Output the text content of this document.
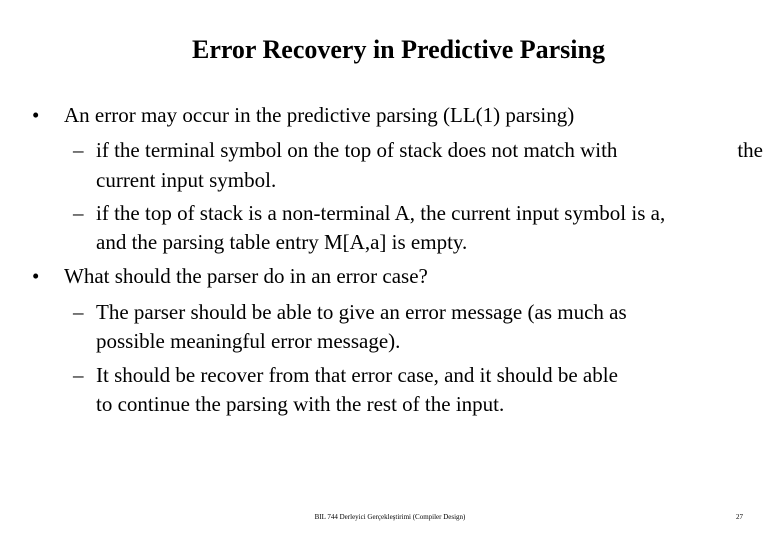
Error Recovery in Predictive Parsing
• An error may occur in the predictive parsing (LL(1) parsing)
– if the terminal symbol on the top of stack does not match with	the
current input symbol.
– if the top of stack is a non-terminal A, the current input symbol is a,
and the parsing table entry M[A,a] is empty.
• What should the parser do in an error case?
– The parser should be able to give an error message (as much as
possible meaningful error message).
– It should be recover from that error case, and it should be able
to continue the parsing with the rest of the input.
BIL 744 Derleyici Gerçekleştirimi (Compiler Design)	27
